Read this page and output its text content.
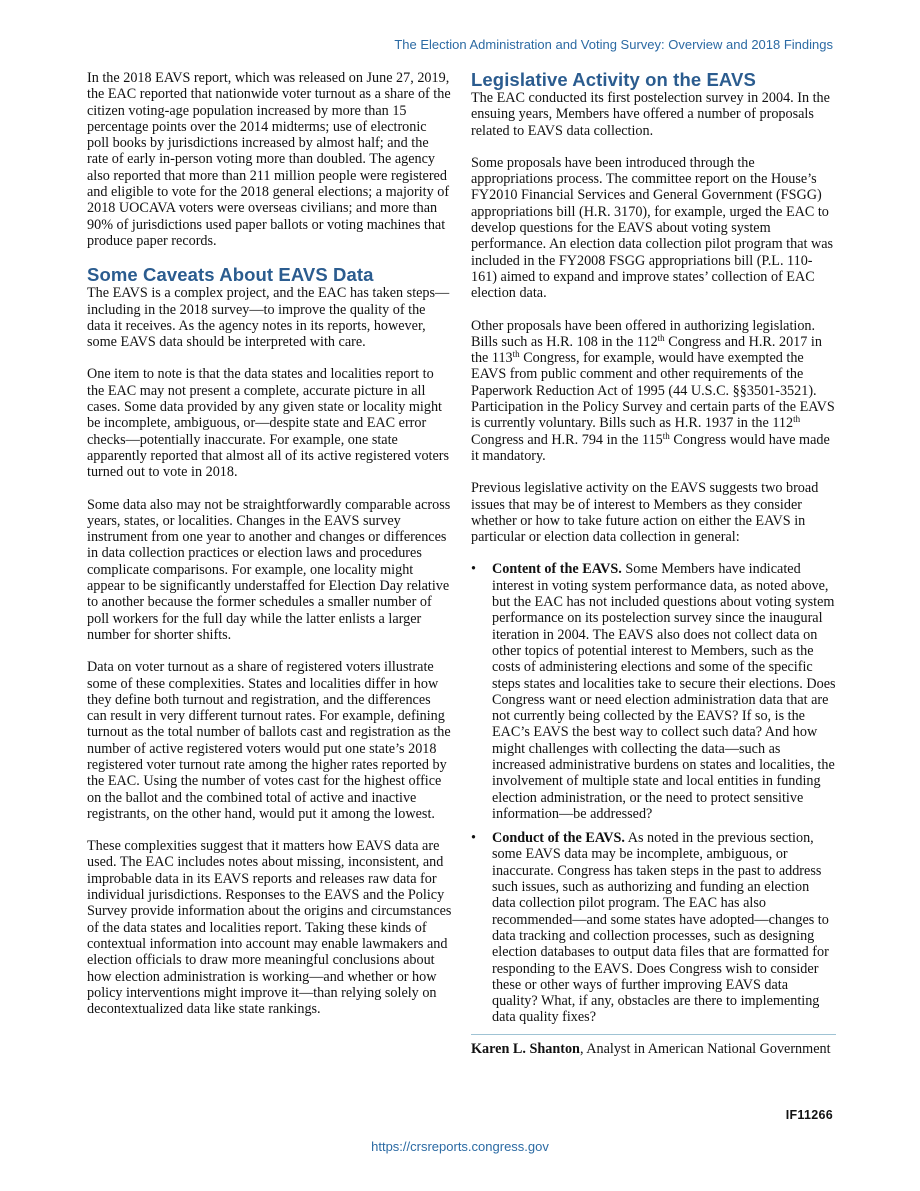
The Election Administration and Voting Survey: Overview and 2018 Findings

In the 2018 EAVS report, which was released on June 27, 2019, the EAC reported that nationwide voter turnout as a share of the citizen voting-age population increased by more than 15 percentage points over the 2014 midterms; use of electronic poll books by jurisdictions increased by almost half; and the rate of early in-person voting more than doubled. The agency also reported that more than 211 million people were registered and eligible to vote for the 2018 general elections; a majority of 2018 UOCAVA voters were overseas civilians; and more than 90% of jurisdictions used paper ballots or voting machines that produce paper records.

Some Caveats About EAVS Data

The EAVS is a complex project, and the EAC has taken steps—including in the 2018 survey—to improve the quality of the data it receives. As the agency notes in its reports, however, some EAVS data should be interpreted with care.

One item to note is that the data states and localities report to the EAC may not present a complete, accurate picture in all cases. Some data provided by any given state or locality might be incomplete, ambiguous, or—despite state and EAC error checks—potentially inaccurate. For example, one state apparently reported that almost all of its active registered voters turned out to vote in 2018.

Some data also may not be straightforwardly comparable across years, states, or localities. Changes in the EAVS survey instrument from one year to another and changes or differences in data collection practices or election laws and procedures complicate comparisons. For example, one locality might appear to be significantly understaffed for Election Day relative to another because the former schedules a smaller number of poll workers for the full day while the latter enlists a larger number for shorter shifts.

Data on voter turnout as a share of registered voters illustrate some of these complexities. States and localities differ in how they define both turnout and registration, and the differences can result in very different turnout rates. For example, defining turnout as the total number of ballots cast and registration as the number of active registered voters would put one state’s 2018 registered voter turnout rate among the higher rates reported by the EAC. Using the number of votes cast for the highest office on the ballot and the combined total of active and inactive registrants, on the other hand, would put it among the lowest.

These complexities suggest that it matters how EAVS data are used. The EAC includes notes about missing, inconsistent, and improbable data in its EAVS reports and releases raw data for individual jurisdictions. Responses to the EAVS and the Policy Survey provide information about the origins and circumstances of the data states and localities report. Taking these kinds of contextual information into account may enable lawmakers and election officials to draw more meaningful conclusions about how election administration is working—and whether or how policy interventions might improve it—than relying solely on decontextualized data like state rankings.

Legislative Activity on the EAVS

The EAC conducted its first postelection survey in 2004. In the ensuing years, Members have offered a number of proposals related to EAVS data collection.

Some proposals have been introduced through the appropriations process. The committee report on the House’s FY2010 Financial Services and General Government (FSGG) appropriations bill (H.R. 3170), for example, urged the EAC to develop questions for the EAVS about voting system performance. An election data collection pilot program that was included in the FY2008 FSGG appropriations bill (P.L. 110-161) aimed to expand and improve states’ collection of EAC election data.

Other proposals have been offered in authorizing legislation. Bills such as H.R. 108 in the 112th Congress and H.R. 2017 in the 113th Congress, for example, would have exempted the EAVS from public comment and other requirements of the Paperwork Reduction Act of 1995 (44 U.S.C. §§3501-3521). Participation in the Policy Survey and certain parts of the EAVS is currently voluntary. Bills such as H.R. 1937 in the 112th Congress and H.R. 794 in the 115th Congress would have made it mandatory.

Previous legislative activity on the EAVS suggests two broad issues that may be of interest to Members as they consider whether or how to take future action on either the EAVS in particular or election data collection in general:

• Content of the EAVS. Some Members have indicated interest in voting system performance data, as noted above, but the EAC has not included questions about voting system performance on its postelection survey since the inaugural iteration in 2004. The EAVS also does not collect data on other topics of potential interest to Members, such as the costs of administering elections and some of the specific steps states and localities take to secure their elections. Does Congress want or need election administration data that are not currently being collected by the EAVS? If so, is the EAC’s EAVS the best way to collect such data? And how might challenges with collecting the data—such as increased administrative burdens on states and localities, the involvement of multiple state and local entities in funding election administration, or the need to protect sensitive information—be addressed?
• Conduct of the EAVS. As noted in the previous section, some EAVS data may be incomplete, ambiguous, or inaccurate. Congress has taken steps in the past to address such issues, such as authorizing and funding an election data collection pilot program. The EAC has also recommended—and some states have adopted—changes to data tracking and collection processes, such as designing election databases to output data files that are formatted for responding to the EAVS. Does Congress wish to consider these or other ways of further improving EAVS data quality? What, if any, obstacles are there to implementing data quality fixes?
Karen L. Shanton, Analyst in American National Government
IF11266
https://crsreports.congress.gov
